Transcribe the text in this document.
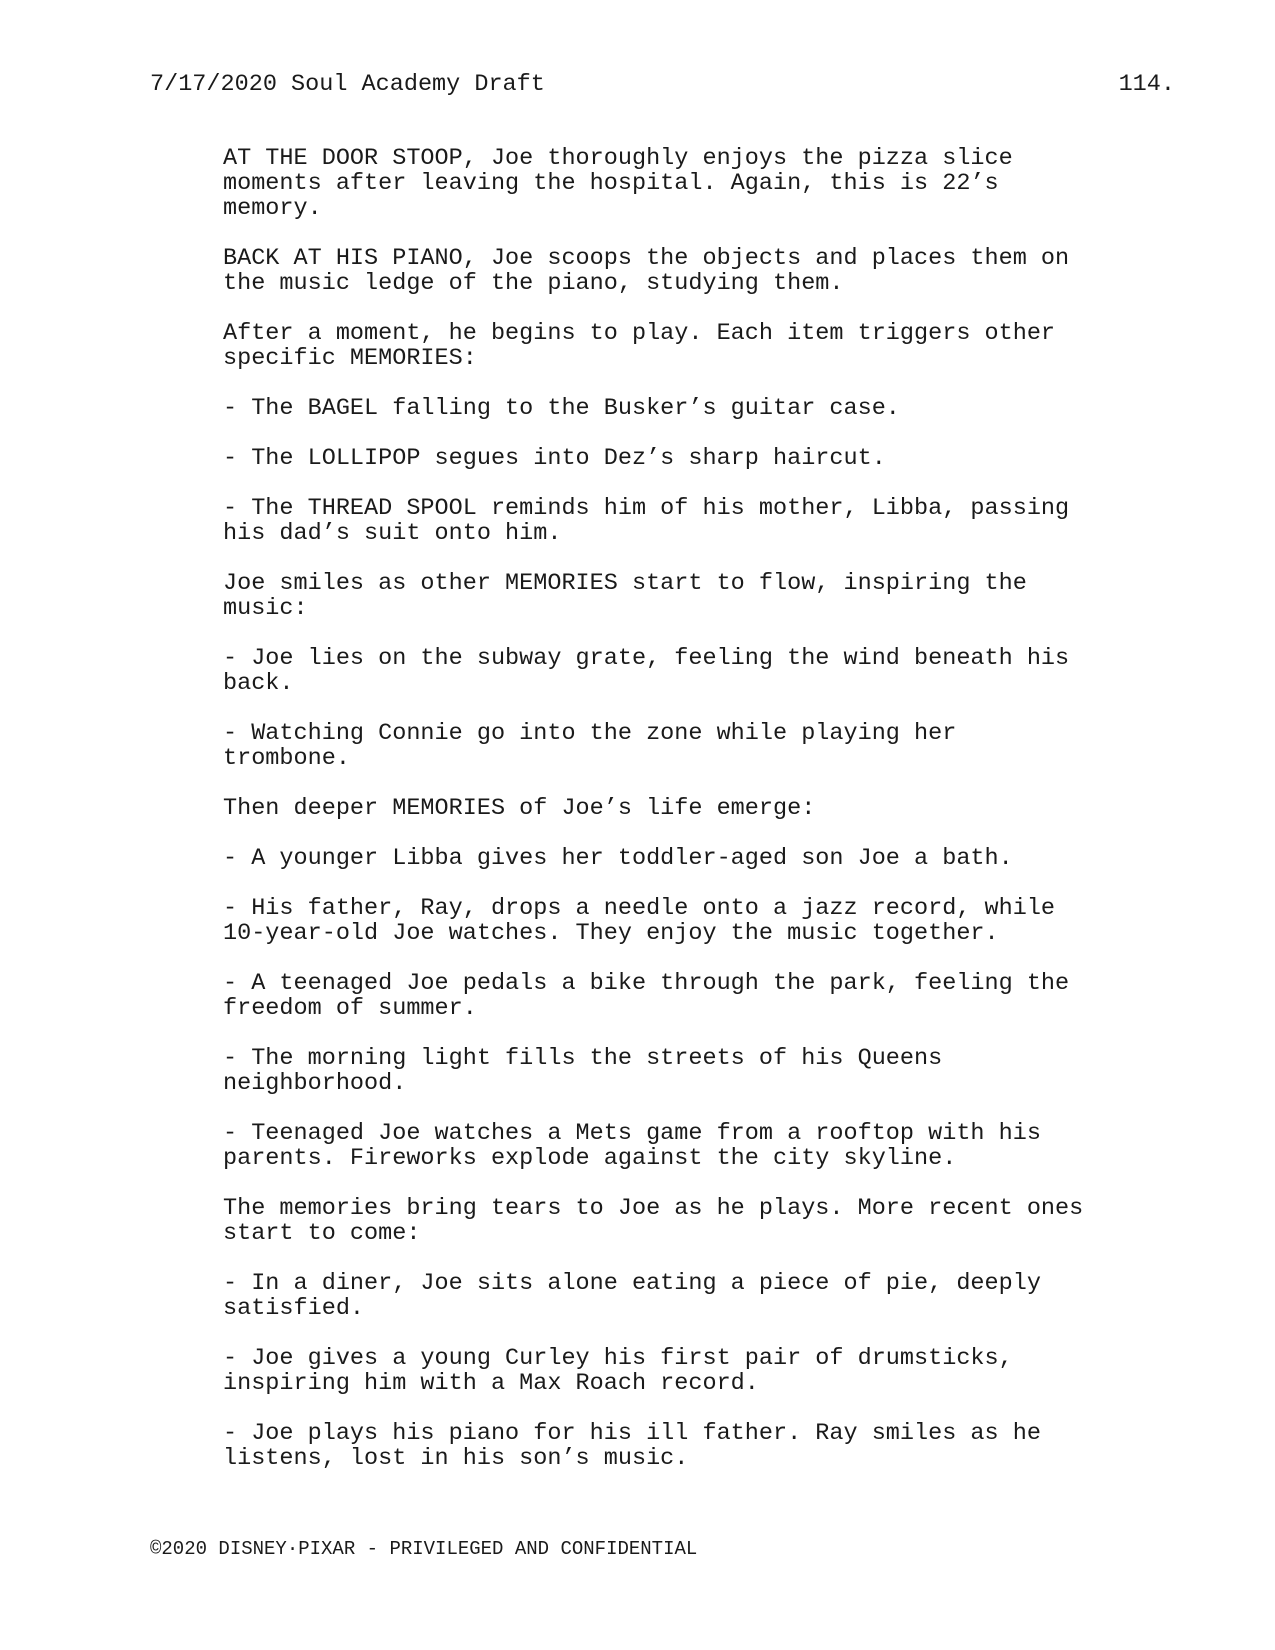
7/17/2020 Soul Academy Draft	114.

AT THE DOOR STOOP, Joe thoroughly enjoys the pizza slice
moments after leaving the hospital. Again, this is 22’s
memory.

BACK AT HIS PIANO, Joe scoops the objects and places them on
the music ledge of the piano, studying them.

After a moment, he begins to play. Each item triggers other
specific MEMORIES:

- The BAGEL falling to the Busker’s guitar case.

- The LOLLIPOP segues into Dez’s sharp haircut.

- The THREAD SPOOL reminds him of his mother, Libba, passing
his dad’s suit onto him.

Joe smiles as other MEMORIES start to flow, inspiring the
music:

- Joe lies on the subway grate, feeling the wind beneath his
back.

- Watching Connie go into the zone while playing her
trombone.

Then deeper MEMORIES of Joe’s life emerge:

- A younger Libba gives her toddler-aged son Joe a bath.

- His father, Ray, drops a needle onto a jazz record, while
10-year-old Joe watches. They enjoy the music together.

- A teenaged Joe pedals a bike through the park, feeling the
freedom of summer.

- The morning light fills the streets of his Queens
neighborhood.

- Teenaged Joe watches a Mets game from a rooftop with his
parents. Fireworks explode against the city skyline.

The memories bring tears to Joe as he plays. More recent ones
start to come:

- In a diner, Joe sits alone eating a piece of pie, deeply
satisfied.

- Joe gives a young Curley his first pair of drumsticks,
inspiring him with a Max Roach record.

- Joe plays his piano for his ill father. Ray smiles as he
listens, lost in his son’s music.

©2020 DISNEY·PIXAR - PRIVILEGED AND CONFIDENTIAL
